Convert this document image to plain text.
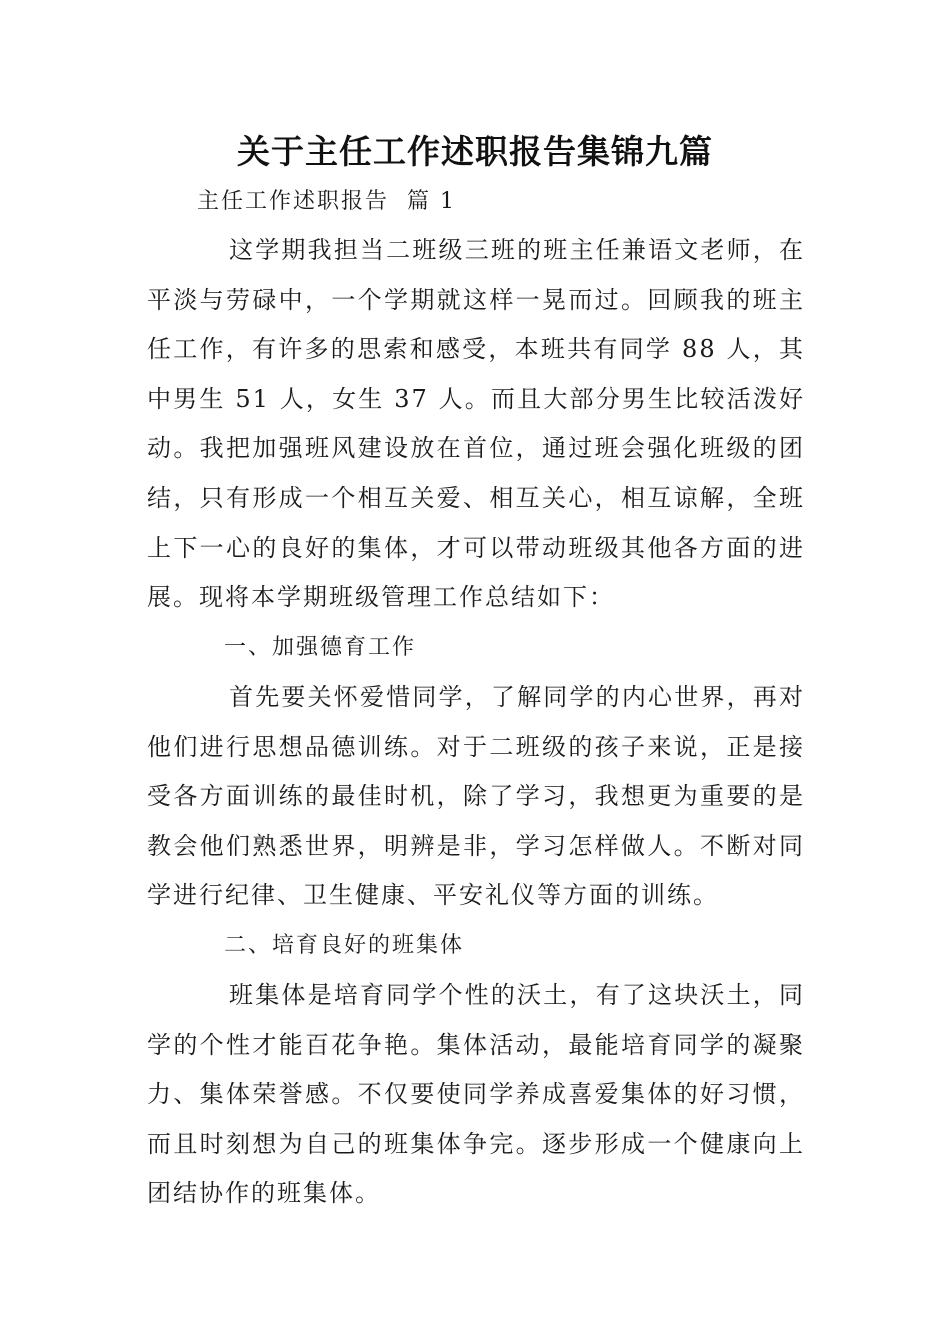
关于主任工作述职报告集锦九篇
主任工作述职报告  篇 1
这学期我担当二班级三班的班主任兼语文老师，在平淡与劳碌中，一个学期就这样一晃而过。回顾我的班主任工作，有许多的思索和感受，本班共有同学 88 人，其中男生 51 人，女生 37 人。而且大部分男生比较活泼好动。我把加强班风建设放在首位，通过班会强化班级的团结，只有形成一个相互关爱、相互关心，相互谅解，全班上下一心的良好的集体，才可以带动班级其他各方面的进展。现将本学期班级管理工作总结如下：
一、加强德育工作
首先要关怀爱惜同学，了解同学的内心世界，再对他们进行思想品德训练。对于二班级的孩子来说，正是接受各方面训练的最佳时机，除了学习，我想更为重要的是教会他们熟悉世界，明辨是非，学习怎样做人。不断对同学进行纪律、卫生健康、平安礼仪等方面的训练。
二、培育良好的班集体
班集体是培育同学个性的沃土，有了这块沃土，同学的个性才能百花争艳。集体活动，最能培育同学的凝聚力、集体荣誉感。不仅要使同学养成喜爱集体的好习惯，而且时刻想为自己的班集体争完。逐步形成一个健康向上团结协作的班集体。
